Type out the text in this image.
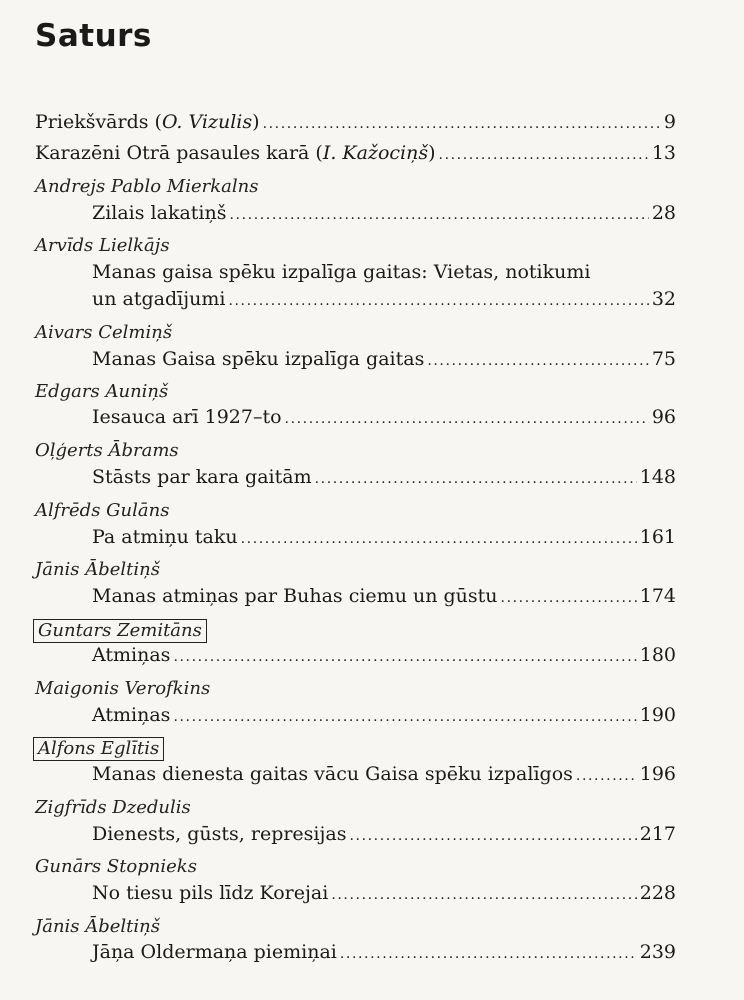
Saturs
Priekšvārds (O. Vizulis) .....	9
Karazēni Otrā pasaules karā (I. Kažociņš) .....	13
Andrejs Pablo Mierkalns
Zilais lakatiņš .....	28
Arvīds Lielkājs
Manas gaisa spēku izpalīga gaitas: Vietas, notikumi
un atgadījumi .....	32
Aivars Celmiņš
Manas Gaisa spēku izpalīga gaitas .....	75
Edgars Auniņš
Iesauca arī 1927–to .....	96
Oļģerts Ābrams
Stāsts par kara gaitām .....	148
Alfrēds Gulāns
Pa atmiņu taku .....	161
Jānis Ābeltiņš
Manas atmiņas par Buhas ciemu un gūstu .....	174
Guntars Zemitāns
Atmiņas .....	180
Maigonis Verofkins
Atmiņas .....	190
Alfons Eglītis
Manas dienesta gaitas vācu Gaisa spēku izpalīgos .....	196
Zigfrīds Dzedulis
Dienests, gūsts, represijas .....	217
Gunārs Stopnieks
No tiesu pils līdz Korejai .....	228
Jānis Ābeltiņš
Jāņa Oldermaņa piemiņai .....	239
